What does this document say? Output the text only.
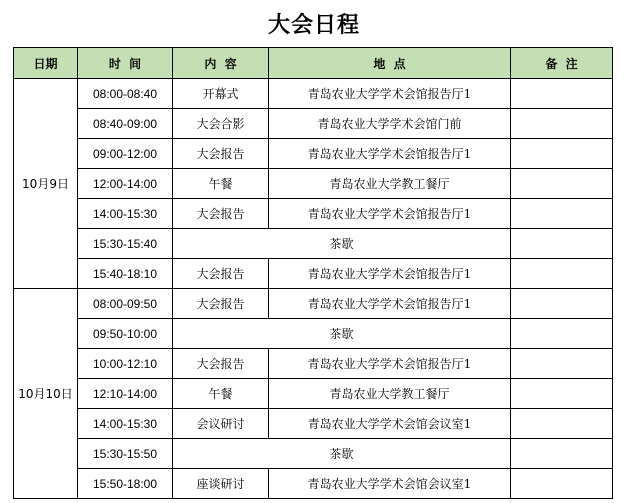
大会日程
日期	时  间	内  容	地  点	备  注
10月9日	08:00-08:40	开幕式	青岛农业大学学术会馆报告厅1	
	08:40-09:00	大会合影	青岛农业大学学术会馆门前	
	09:00-12:00	大会报告	青岛农业大学学术会馆报告厅1	
	12:00-14:00	午餐	青岛农业大学教工餐厅	
	14:00-15:30	大会报告	青岛农业大学学术会馆报告厅1	
	15:30-15:40	茶歇		
	15:40-18:10	大会报告	青岛农业大学学术会馆报告厅1	
10月10日	08:00-09:50	大会报告	青岛农业大学学术会馆报告厅1	
	09:50-10:00	茶歇		
	10:00-12:10	大会报告	青岛农业大学学术会馆报告厅1	
	12:10-14:00	午餐	青岛农业大学教工餐厅	
	14:00-15:30	会议研讨	青岛农业大学学术会馆会议室1	
	15:30-15:50	茶歇		
	15:50-18:00	座谈研讨	青岛农业大学学术会馆会议室1	
